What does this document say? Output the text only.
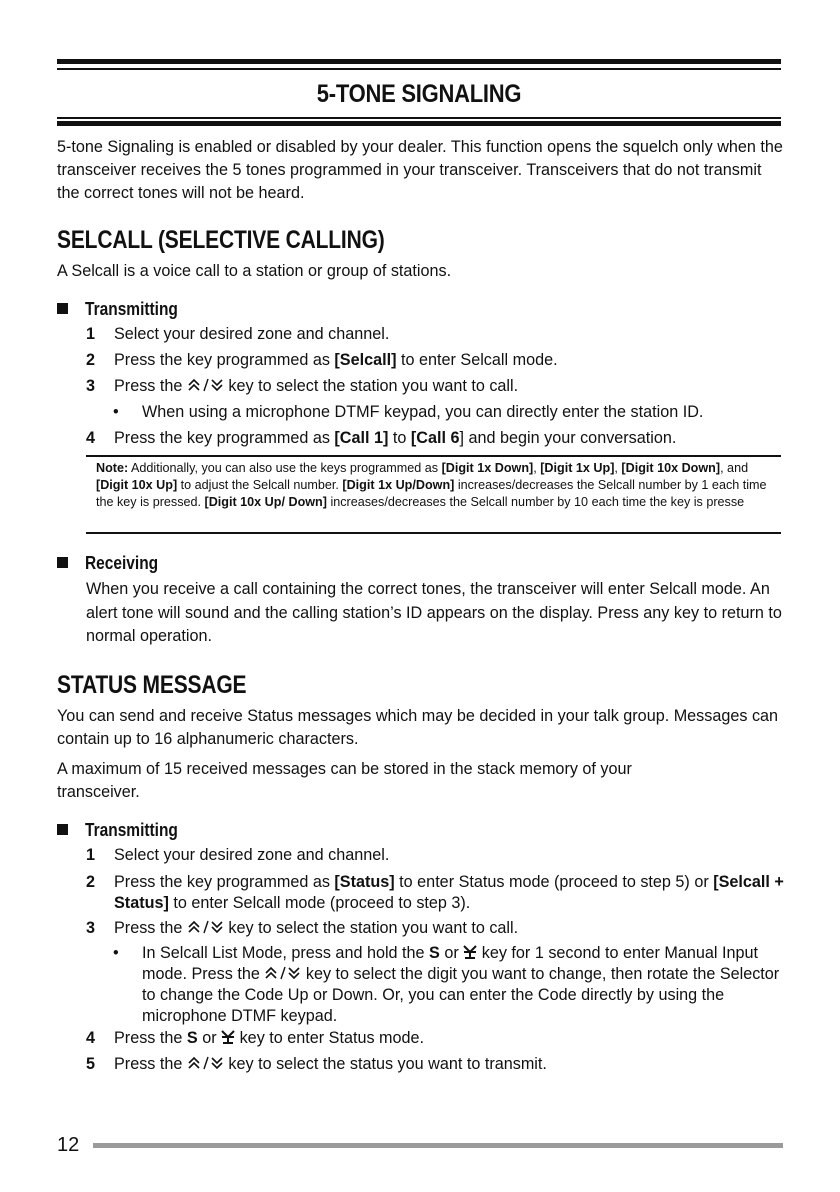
5-TONE SIGNALING

5-tone Signaling is enabled or disabled by your dealer. This function opens the squelch only when the transceiver receives the 5 tones programmed in your transceiver. Transceivers that do not transmit the correct tones will not be heard.

SELCALL (SELECTIVE CALLING)

A Selcall is a voice call to a station or group of stations.

Transmitting
1	Select your desired zone and channel.
2	Press the key programmed as [Selcall] to enter Selcall mode.
3	Press the  key to select the station you want to call.
• When using a microphone DTMF keypad, you can directly enter the station ID.
4	Press the key programmed as [Call 1] to [Call 6] and begin your conversation.
Note: Additionally, you can also use the keys programmed as [Digit 1x Down], [Digit 1x Up], [Digit 10x Down], and [Digit 10x Up] to adjust the Selcall number. [Digit 1x Up/Down] increases/decreases the Selcall number by 1 each time the key is pressed. [Digit 10x Up/ Down] increases/decreases the Selcall number by 10 each time the key is presse
Receiving

When you receive a call containing the correct tones, the transceiver will enter Selcall mode. An alert tone will sound and the calling station’s ID appears on the display. Press any key to return to normal operation.

STATUS MESSAGE

You can send and receive Status messages which may be decided in your talk group. Messages can contain up to 16 alphanumeric characters.

A maximum of 15 received messages can be stored in the stack memory of your transceiver.

Transmitting
1	Select your desired zone and channel.
2	Press the key programmed as [Status] to enter Status mode (proceed to step 5) or [Selcall + Status] to enter Selcall mode (proceed to step 3).
3	Press the  key to select the station you want to call.
• In Selcall List Mode, press and hold the S or  key for 1 second to enter Manual Input mode. Press the  key to select the digit you want to change, then rotate the Selector to change the Code Up or Down. Or, you can enter the Code directly by using the microphone DTMF keypad.
4	Press the S or  key to enter Status mode.
5	Press the  key to select the status you want to transmit.
12
